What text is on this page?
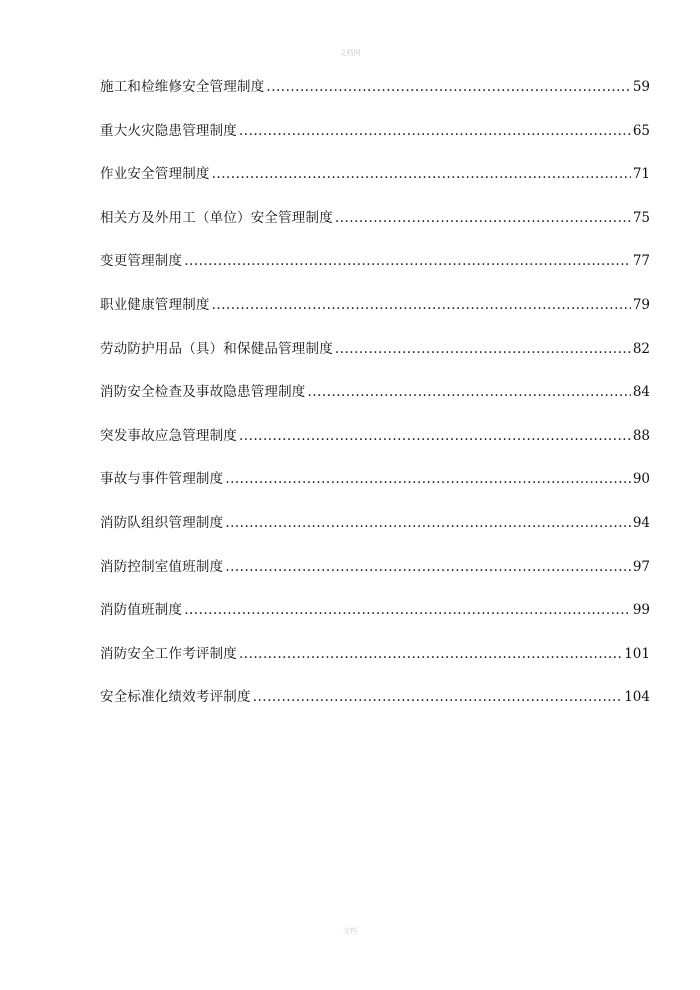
文档网
施工和检维修安全管理制度 .....	59
重大火灾隐患管理制度 .....	65
作业安全管理制度 .....	71
相关方及外用工（单位）安全管理制度 .....	75
变更管理制度 .....	77
职业健康管理制度 .....	79
劳动防护用品（具）和保健品管理制度 .....	82
消防安全检查及事故隐患管理制度 .....	84
突发事故应急管理制度 .....	88
事故与事件管理制度 .....	90
消防队组织管理制度 .....	94
消防控制室值班制度 .....	97
消防值班制度 .....	99
消防安全工作考评制度 .....	101
安全标准化绩效考评制度 .....	104
文档
